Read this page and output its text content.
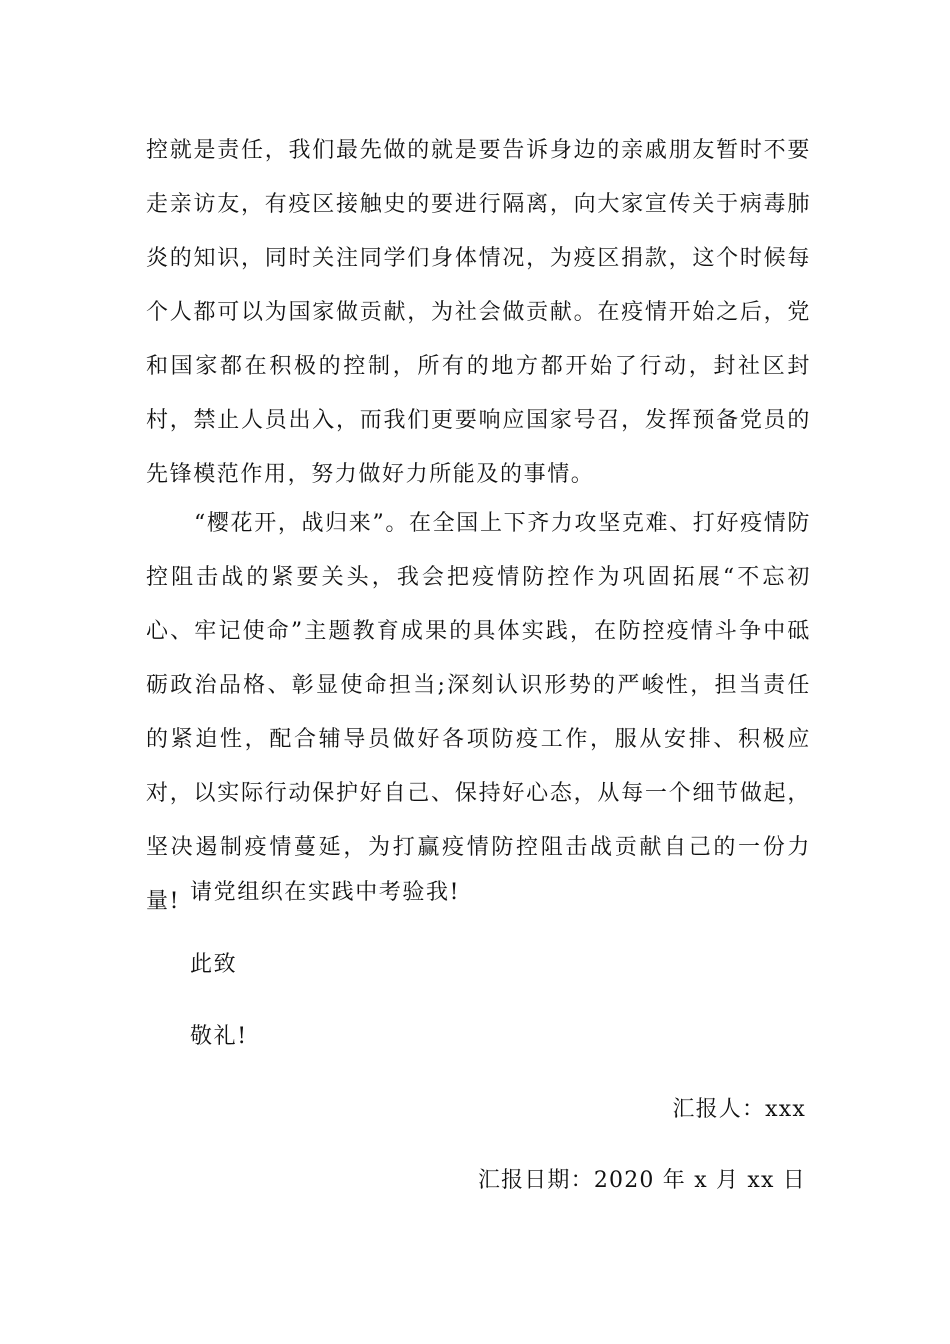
控就是责任，我们最先做的就是要告诉身边的亲戚朋友暂时不要走亲访友，有疫区接触史的要进行隔离，向大家宣传关于病毒肺炎的知识，同时关注同学们身体情况，为疫区捐款，这个时候每个人都可以为国家做贡献，为社会做贡献。在疫情开始之后，党和国家都在积极的控制，所有的地方都开始了行动，封社区封村，禁止人员出入，而我们更要响应国家号召，发挥预备党员的先锋模范作用，努力做好力所能及的事情。

“樱花开，战归来”。在全国上下齐力攻坚克难、打好疫情防控阻击战的紧要关头，我会把疫情防控作为巩固拓展“不忘初心、牢记使命”主题教育成果的具体实践，在防控疫情斗争中砥砺政治品格、彰显使命担当;深刻认识形势的严峻性，担当责任的紧迫性，配合辅导员做好各项防疫工作，服从安排、积极应对，以实际行动保护好自己、保持好心态，从每一个细节做起，坚决遏制疫情蔓延，为打赢疫情防控阻击战贡献自己的一份力量! 请党组织在实践中考验我!

此致

敬礼!

汇报人：xxx

汇报日期：2020 年 x 月 xx 日
